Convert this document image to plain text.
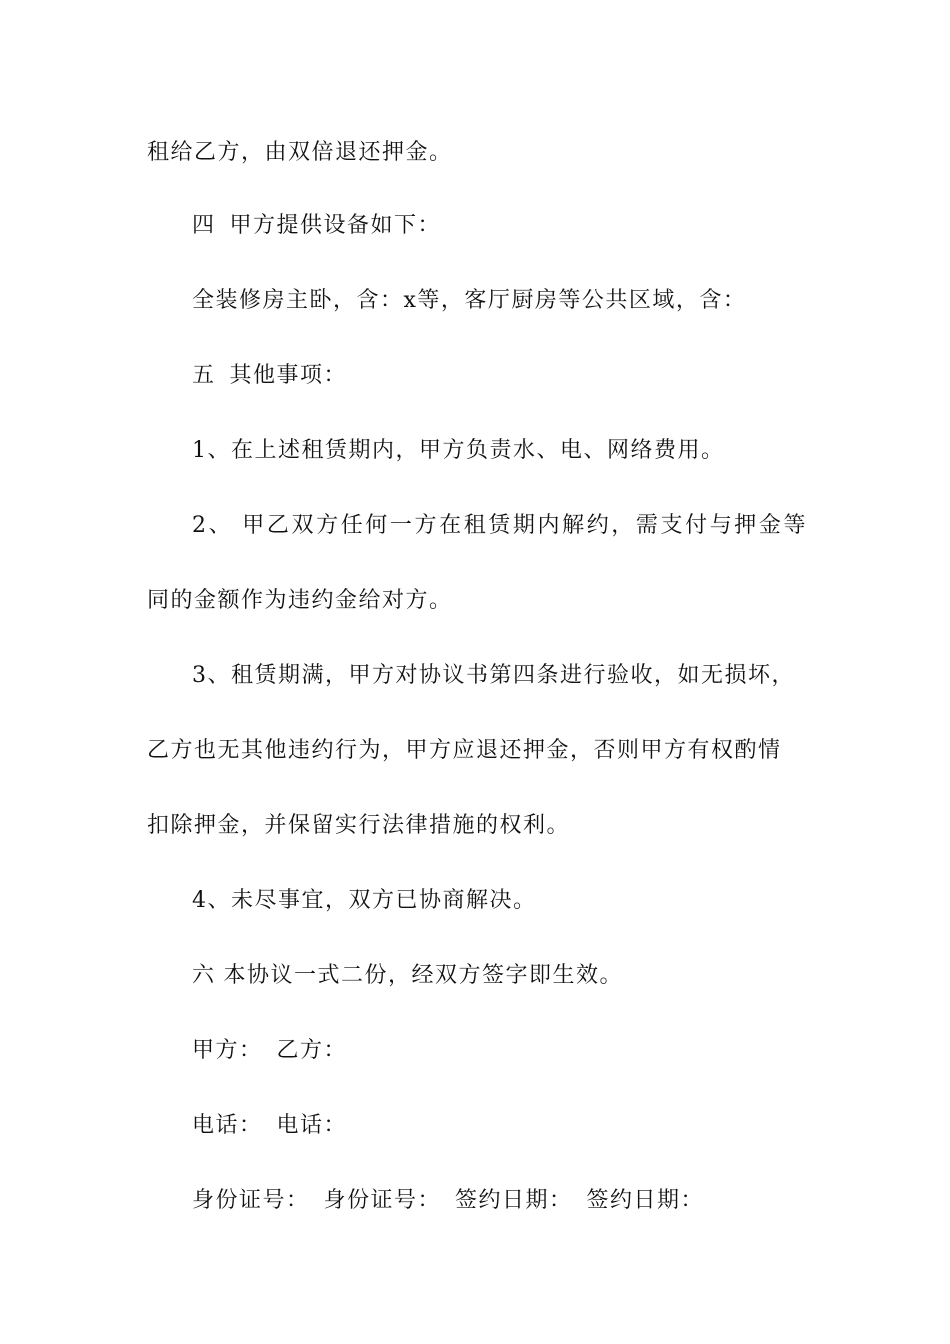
租给乙方，由双倍退还押金。
四 甲方提供设备如下：
全装修房主卧，含：x等，客厅厨房等公共区域，含：
五 其他事项：
1、在上述租赁期内，甲方负责水、电、网络费用。
2、 甲乙双方任何一方在租赁期内解约，需支付与押金等
同的金额作为违约金给对方。
3、租赁期满，甲方对协议书第四条进行验收，如无损坏，
乙方也无其他违约行为，甲方应退还押金，否则甲方有权酌情
扣除押金，并保留实行法律措施的权利。
4、未尽事宜，双方已协商解决。
六 本协议一式二份，经双方签字即生效。
甲方： 乙方：
电话： 电话：
身份证号： 身份证号： 签约日期： 签约日期：
